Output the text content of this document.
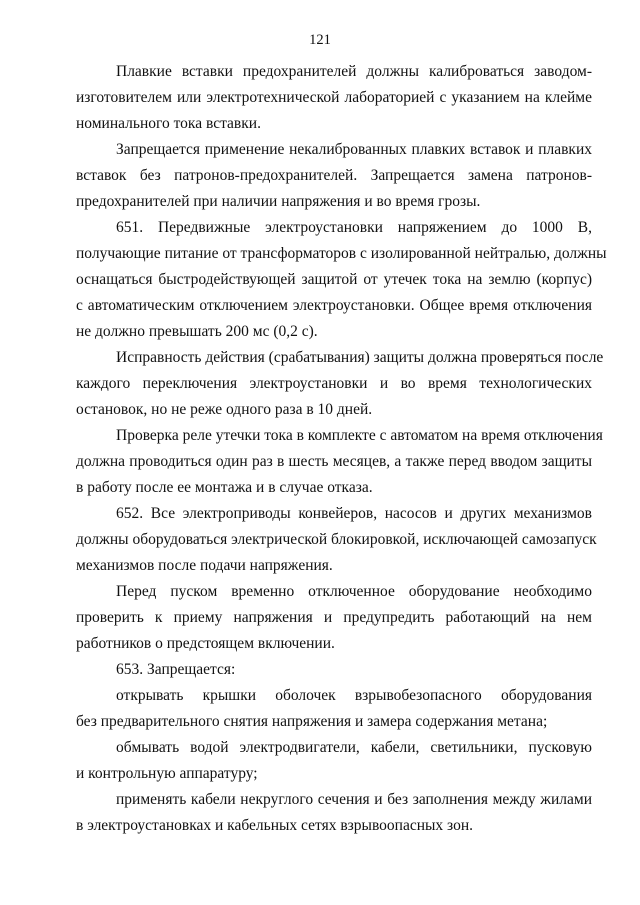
121
Плавкие вставки предохранителей должны калиброваться заводом-
изготовителем или электротехнической лабораторией с указанием на клейме
номинального тока вставки.
Запрещается применение некалиброванных плавких вставок и плавких
вставок без патронов-предохранителей. Запрещается замена патронов-
предохранителей при наличии напряжения и во время грозы.
651. Передвижные электроустановки напряжением до 1000 В,
получающие питание от трансформаторов с изолированной нейтралью, должны
оснащаться быстродействующей защитой от утечек тока на землю (корпус)
с автоматическим отключением электроустановки. Общее время отключения
не должно превышать 200 мс (0,2 с).
Исправность действия (срабатывания) защиты должна проверяться после
каждого переключения электроустановки и во время технологических
остановок, но не реже одного раза в 10 дней.
Проверка реле утечки тока в комплекте с автоматом на время отключения
должна проводиться один раз в шесть месяцев, а также перед вводом защиты
в работу после ее монтажа и в случае отказа.
652. Все электроприводы конвейеров, насосов и других механизмов
должны оборудоваться электрической блокировкой, исключающей самозапуск
механизмов после подачи напряжения.
Перед пуском временно отключенное оборудование необходимо
проверить к приему напряжения и предупредить работающий на нем
работников о предстоящем включении.
653. Запрещается:
открывать крышки оболочек взрывобезопасного оборудования
без предварительного снятия напряжения и замера содержания метана;
обмывать водой электродвигатели, кабели, светильники, пусковую
и контрольную аппаратуру;
применять кабели некруглого сечения и без заполнения между жилами
в электроустановках и кабельных сетях взрывоопасных зон.
